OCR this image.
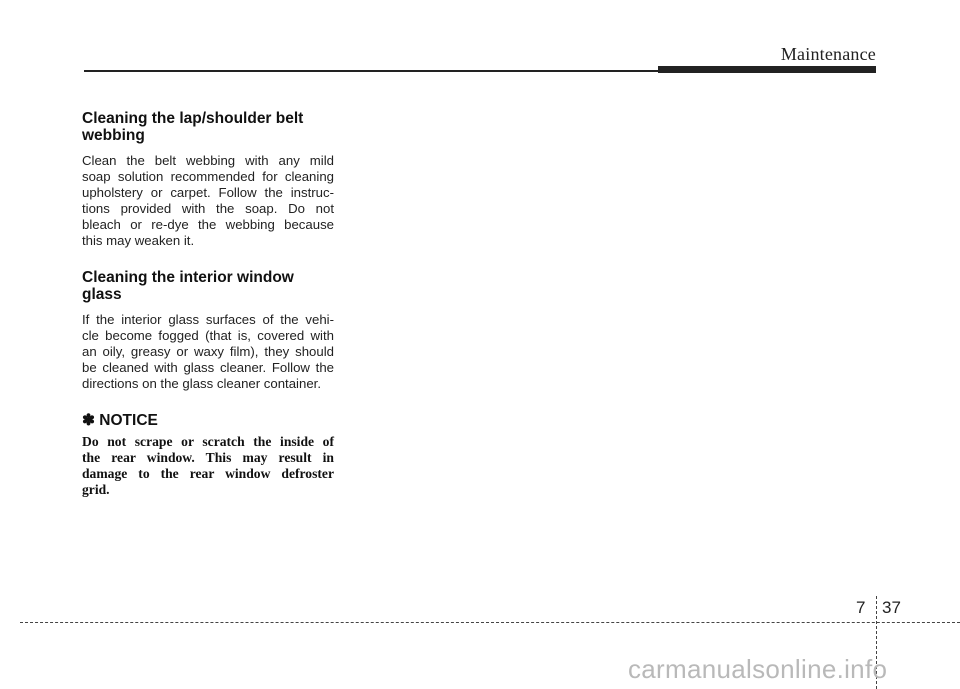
Maintenance
Cleaning the lap/shoulder belt
webbing

Clean the belt webbing with any mild
soap solution recommended for cleaning
upholstery or carpet. Follow the instruc-
tions provided with the soap. Do not
bleach or re-dye the webbing because
this may weaken it.

Cleaning the interior window
glass

If the interior glass surfaces of the vehi-
cle become fogged (that is, covered with
an oily, greasy or waxy film), they should
be cleaned with glass cleaner. Follow the
directions on the glass cleaner container.

✽ NOTICE

Do not scrape or scratch the inside of
the rear window. This may result in
damage to the rear window defroster
grid.

7 37
carmanualsonline.info
